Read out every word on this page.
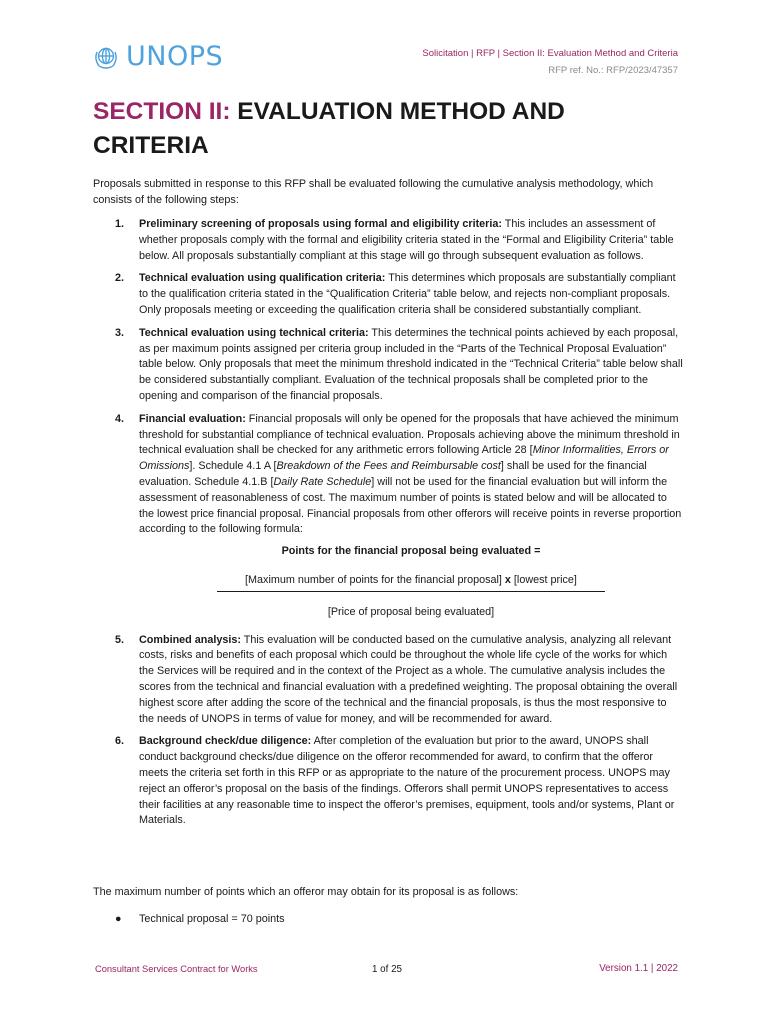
UNOPS	Solicitation | RFP | Section II: Evaluation Method and Criteria
RFP ref. No.: RFP/2023/47357
SECTION II: EVALUATION METHOD AND CRITERIA
Proposals submitted in response to this RFP shall be evaluated following the cumulative analysis methodology, which consists of the following steps:
1. Preliminary screening of proposals using formal and eligibility criteria: This includes an assessment of whether proposals comply with the formal and eligibility criteria stated in the “Formal and Eligibility Criteria” table below. All proposals substantially compliant at this stage will go through subsequent evaluation as follows.
2. Technical evaluation using qualification criteria: This determines which proposals are substantially compliant to the qualification criteria stated in the “Qualification Criteria” table below, and rejects non-compliant proposals. Only proposals meeting or exceeding the qualification criteria shall be considered substantially compliant.
3. Technical evaluation using technical criteria: This determines the technical points achieved by each proposal, as per maximum points assigned per criteria group included in the “Parts of the Technical Proposal Evaluation” table below. Only proposals that meet the minimum threshold indicated in the “Technical Criteria” table below shall be considered substantially compliant. Evaluation of the technical proposals shall be completed prior to the opening and comparison of the financial proposals.
4. Financial evaluation: Financial proposals will only be opened for the proposals that have achieved the minimum threshold for substantial compliance of technical evaluation. Proposals achieving above the minimum threshold in technical evaluation shall be checked for any arithmetic errors following Article 28 [Minor Informalities, Errors or Omissions]. Schedule 4.1 A [Breakdown of the Fees and Reimbursable cost] shall be used for the financial evaluation. Schedule 4.1.B [Daily Rate Schedule] will not be used for the financial evaluation but will inform the assessment of reasonableness of cost. The maximum number of points is stated below and will be allocated to the lowest price financial proposal. Financial proposals from other offerors will receive points in reverse proportion according to the following formula:
Points for the financial proposal being evaluated =
[Maximum number of points for the financial proposal] x [lowest price]
[Price of proposal being evaluated]
5. Combined analysis: This evaluation will be conducted based on the cumulative analysis, analyzing all relevant costs, risks and benefits of each proposal which could be throughout the whole life cycle of the works for which the Services will be required and in the context of the Project as a whole. The cumulative analysis includes the scores from the technical and financial evaluation with a predefined weighting. The proposal obtaining the overall highest score after adding the score of the technical and the financial proposals, is thus the most responsive to the needs of UNOPS in terms of value for money, and will be recommended for award.
6. Background check/due diligence: After completion of the evaluation but prior to the award, UNOPS shall conduct background checks/due diligence on the offeror recommended for award, to confirm that the offeror meets the criteria set forth in this RFP or as appropriate to the nature of the procurement process. UNOPS may reject an offeror’s proposal on the basis of the findings. Offerors shall permit UNOPS representatives to access their facilities at any reasonable time to inspect the offeror’s premises, equipment, tools and/or systems, Plant or Materials.
The maximum number of points which an offeror may obtain for its proposal is as follows:
● Technical proposal = 70 points
Consultant Services Contract for Works	1 of 25	Version 1.1 | 2022
